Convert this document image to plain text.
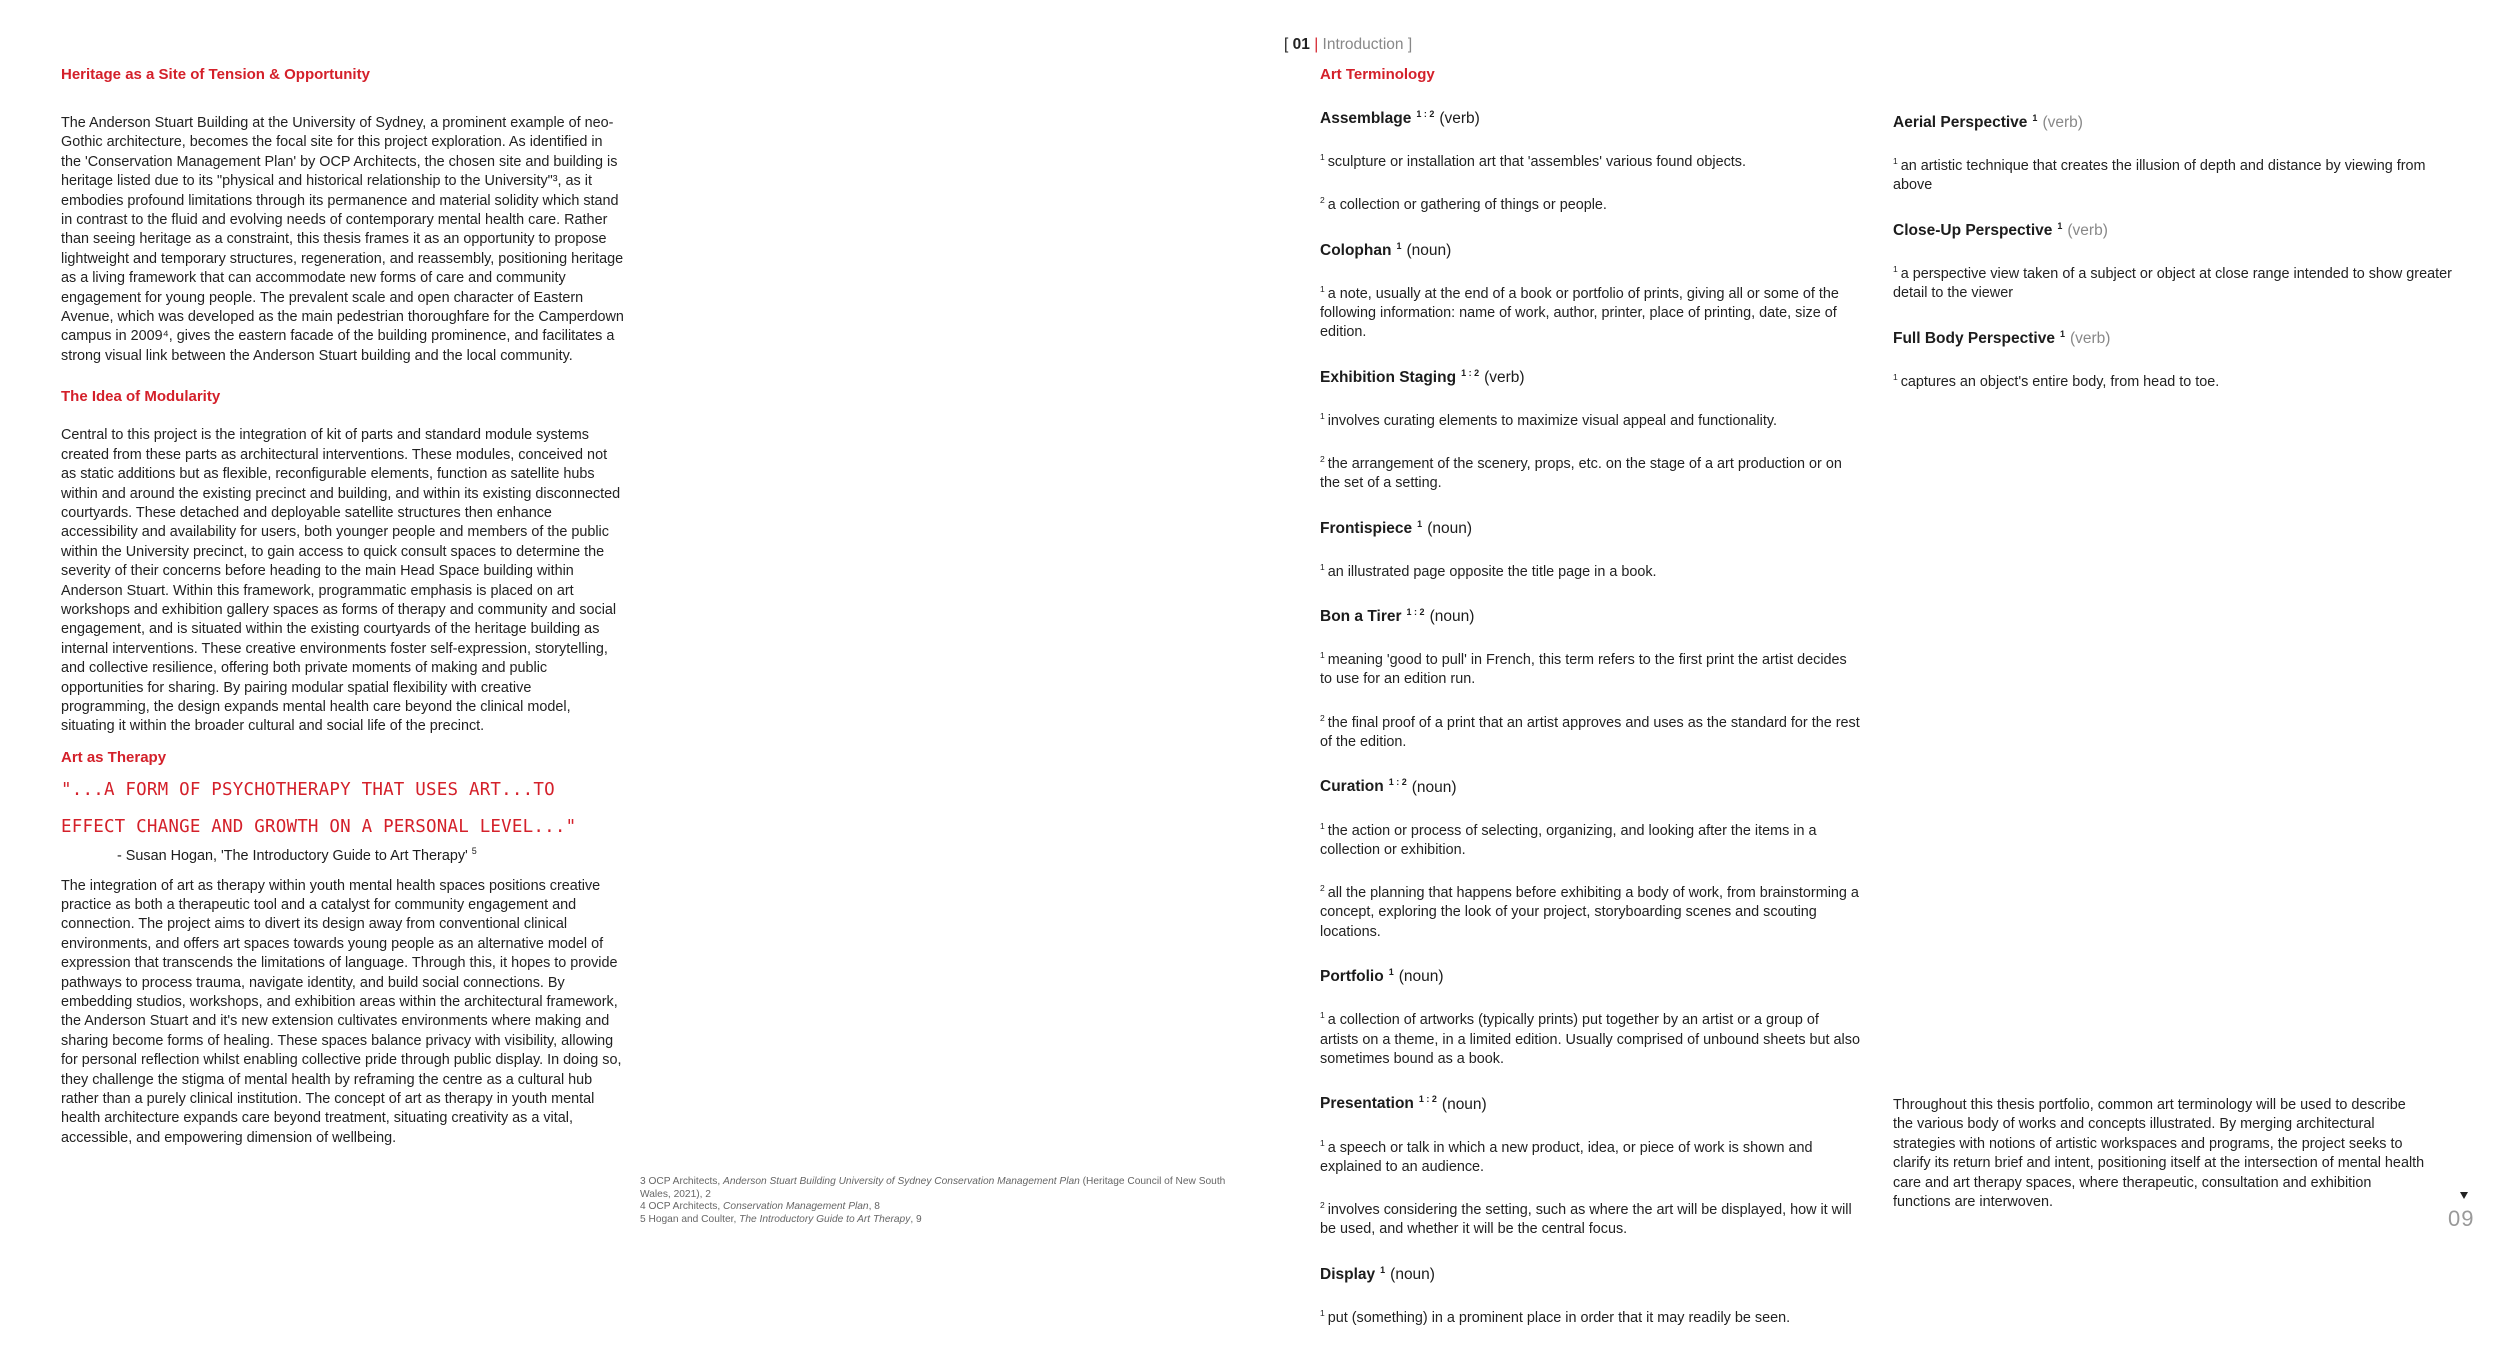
[ 01 | Introduction ]

Heritage as a Site of Tension & Opportunity

The Anderson Stuart Building at the University of Sydney, a prominent example of neo-Gothic architecture, becomes the focal site for this project exploration. As identified in the 'Conservation Management Plan' by OCP Architects, the chosen site and building is heritage listed due to its "physical and historical relationship to the University"³, as it embodies profound limitations through its permanence and material solidity which stand in contrast to the fluid and evolving needs of contemporary mental health care. Rather than seeing heritage as a constraint, this thesis frames it as an opportunity to propose lightweight and temporary structures, regeneration, and reassembly, positioning heritage as a living framework that can accommodate new forms of care and community engagement for young people. The prevalent scale and open character of Eastern Avenue, which was developed as the main pedestrian thoroughfare for the Camperdown campus in 2009⁴, gives the eastern facade of the building prominence, and facilitates a strong visual link between the Anderson Stuart building and the local community.

The Idea of Modularity

Central to this project is the integration of kit of parts and standard module systems created from these parts as architectural interventions. These modules, conceived not as static additions but as flexible, reconfigurable elements, function as satellite hubs within and around the existing precinct and building, and within its existing disconnected courtyards. These detached and deployable satellite structures then enhance accessibility and availability for users, both younger people and members of the public within the University precinct, to gain access to quick consult spaces to determine the severity of their concerns before heading to the main Head Space building within Anderson Stuart. Within this framework, programmatic emphasis is placed on art workshops and exhibition gallery spaces as forms of therapy and community and social engagement, and is situated within the existing courtyards of the heritage building as internal interventions. These creative environments foster self-expression, storytelling, and collective resilience, offering both private moments of making and public opportunities for sharing. By pairing modular spatial flexibility with creative programming, the design expands mental health care beyond the clinical model, situating it within the broader cultural and social life of the precinct.

Art as Therapy

"...A FORM OF PSYCHOTHERAPY THAT USES ART...TO EFFECT CHANGE AND GROWTH ON A PERSONAL LEVEL..."

- Susan Hogan, 'The Introductory Guide to Art Therapy' $^5$

The integration of art as therapy within youth mental health spaces positions creative practice as both a therapeutic tool and a catalyst for community engagement and connection. The project aims to divert its design away from conventional clinical environments, and offers art spaces towards young people as an alternative model of expression that transcends the limitations of language. Through this, it hopes to provide pathways to process trauma, navigate identity, and build social connections. By embedding studios, workshops, and exhibition areas within the architectural framework, the Anderson Stuart and it's new extension cultivates environments where making and sharing become forms of healing. These spaces balance privacy with visibility, allowing for personal reflection whilst enabling collective pride through public display. In doing so, they challenge the stigma of mental health by reframing the centre as a cultural hub rather than a purely clinical institution. The concept of art as therapy in youth mental health architecture expands care beyond treatment, situating creativity as a vital, accessible, and empowering dimension of wellbeing.

3 OCP Architects, Anderson Stuart Building University of Sydney Conservation Management Plan (Heritage Council of New South Wales, 2021), 2

4 OCP Architects, Conservation Management Plan, 8

5 Hogan and Coulter, The Introductory Guide to Art Therapy, 9

Art Terminology

Assemblage $^{1 : 2}$ (verb)

$^1$ sculpture or installation art that 'assembles' various found objects.

$^2$ a collection or gathering of things or people.

Colophan $^1$ (noun)

$^1$ a note, usually at the end of a book or portfolio of prints, giving all or some of the following information: name of work, author, printer, place of printing, date, size of edition.

Exhibition Staging $^{1 : 2}$ (verb)

$^1$ involves curating elements to maximize visual appeal and functionality.

$^2$ the arrangement of the scenery, props, etc. on the stage of a art production or on the set of a setting.

Frontispiece $^1$ (noun)

$^1$ an illustrated page opposite the title page in a book.

Bon a Tirer $^{1 : 2}$ (noun)

$^1$ meaning 'good to pull' in French, this term refers to the first print the artist decides to use for an edition run.

$^2$ the final proof of a print that an artist approves and uses as the standard for the rest of the edition.

Curation $^{1 : 2}$ (noun)

$^1$ the action or process of selecting, organizing, and looking after the items in a collection or exhibition.

$^2$ all the planning that happens before exhibiting a body of work, from brainstorming a concept, exploring the look of your project, storyboarding scenes and scouting locations.

Portfolio $^1$ (noun)

$^1$ a collection of artworks (typically prints) put together by an artist or a group of artists on a theme, in a limited edition. Usually comprised of unbound sheets but also sometimes bound as a book.

Presentation $^{1 : 2}$ (noun)

$^1$ a speech or talk in which a new product, idea, or piece of work is shown and explained to an audience.

$^2$ involves considering the setting, such as where the art will be displayed, how it will be used, and whether it will be the central focus.

Display $^1$ (noun)

$^1$ put (something) in a prominent place in order that it may readily be seen.

Aerial Perspective $^1$ (verb)

$^1$ an artistic technique that creates the illusion of depth and distance by viewing from above

Close-Up Perspective $^1$ (verb)

$^1$ a perspective view taken of a subject or object at close range intended to show greater detail to the viewer

Full Body Perspective $^1$ (verb)

$^1$ captures an object's entire body, from head to toe.

Throughout this thesis portfolio, common art terminology will be used to describe the various body of works and concepts illustrated. By merging architectural strategies with notions of artistic workspaces and programs, the project seeks to clarify its return brief and intent, positioning itself at the intersection of mental health care and art therapy spaces, where therapeutic, consultation and exhibition functions are interwoven.

09
